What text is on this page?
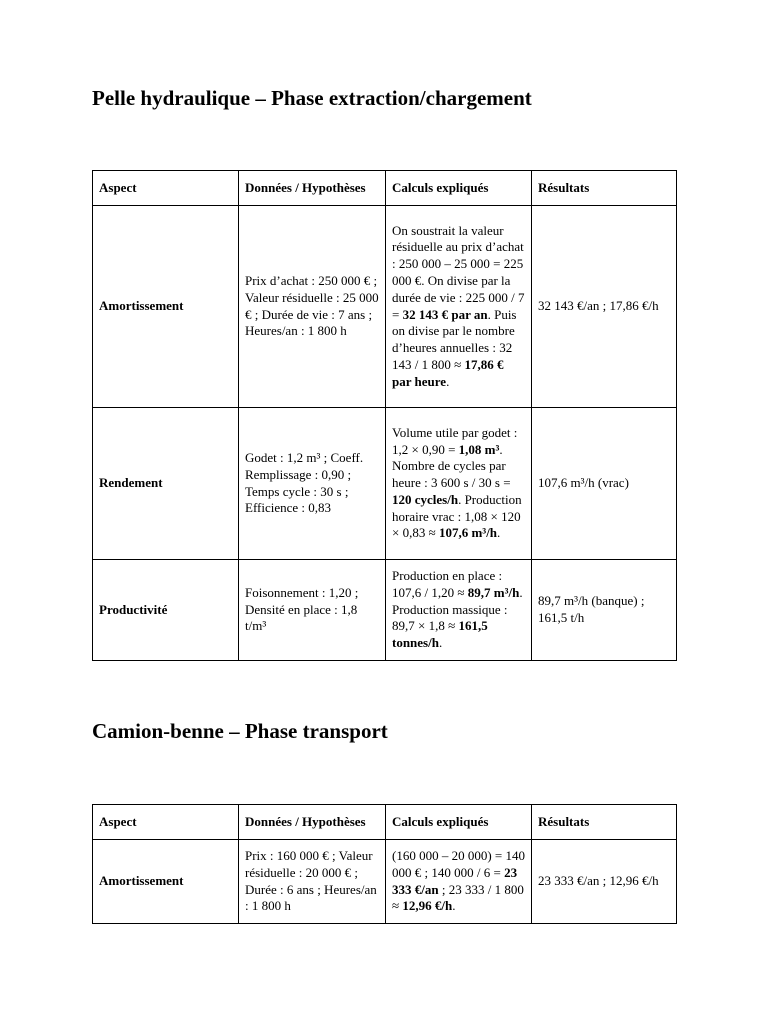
Pelle hydraulique – Phase extraction/chargement
Aspect	Données / Hypothèses	Calculs expliqués	Résultats
Amortissement	Prix d’achat : 250 000 € ; Valeur résiduelle : 25 000 € ; Durée de vie : 7 ans ; Heures/an : 1 800 h	On soustrait la valeur résiduelle au prix d’achat : 250 000 – 25 000 = 225 000 €. On divise par la durée de vie : 225 000 / 7 = 32 143 € par an. Puis on divise par le nombre d’heures annuelles : 32 143 / 1 800 ≈ 17,86 € par heure.	32 143 €/an ; 17,86 €/h
Rendement	Godet : 1,2 m³ ; Coeff. Remplissage : 0,90 ; Temps cycle : 30 s ; Efficience : 0,83	Volume utile par godet : 1,2 × 0,90 = 1,08 m³. Nombre de cycles par heure : 3 600 s / 30 s = 120 cycles/h. Production horaire vrac : 1,08 × 120 × 0,83 ≈ 107,6 m³/h.	107,6 m³/h (vrac)
Productivité	Foisonnement : 1,20 ; Densité en place : 1,8 t/m³	Production en place : 107,6 / 1,20 ≈ 89,7 m³/h. Production massique : 89,7 × 1,8 ≈ 161,5 tonnes/h.	89,7 m³/h (banque) ; 161,5 t/h
Camion-benne – Phase transport
Aspect	Données / Hypothèses	Calculs expliqués	Résultats
Amortissement	Prix : 160 000 € ; Valeur résiduelle : 20 000 € ; Durée : 6 ans ; Heures/an : 1 800 h	(160 000 – 20 000) = 140 000 € ; 140 000 / 6 = 23 333 €/an ; 23 333 / 1 800 ≈ 12,96 €/h.	23 333 €/an ; 12,96 €/h
